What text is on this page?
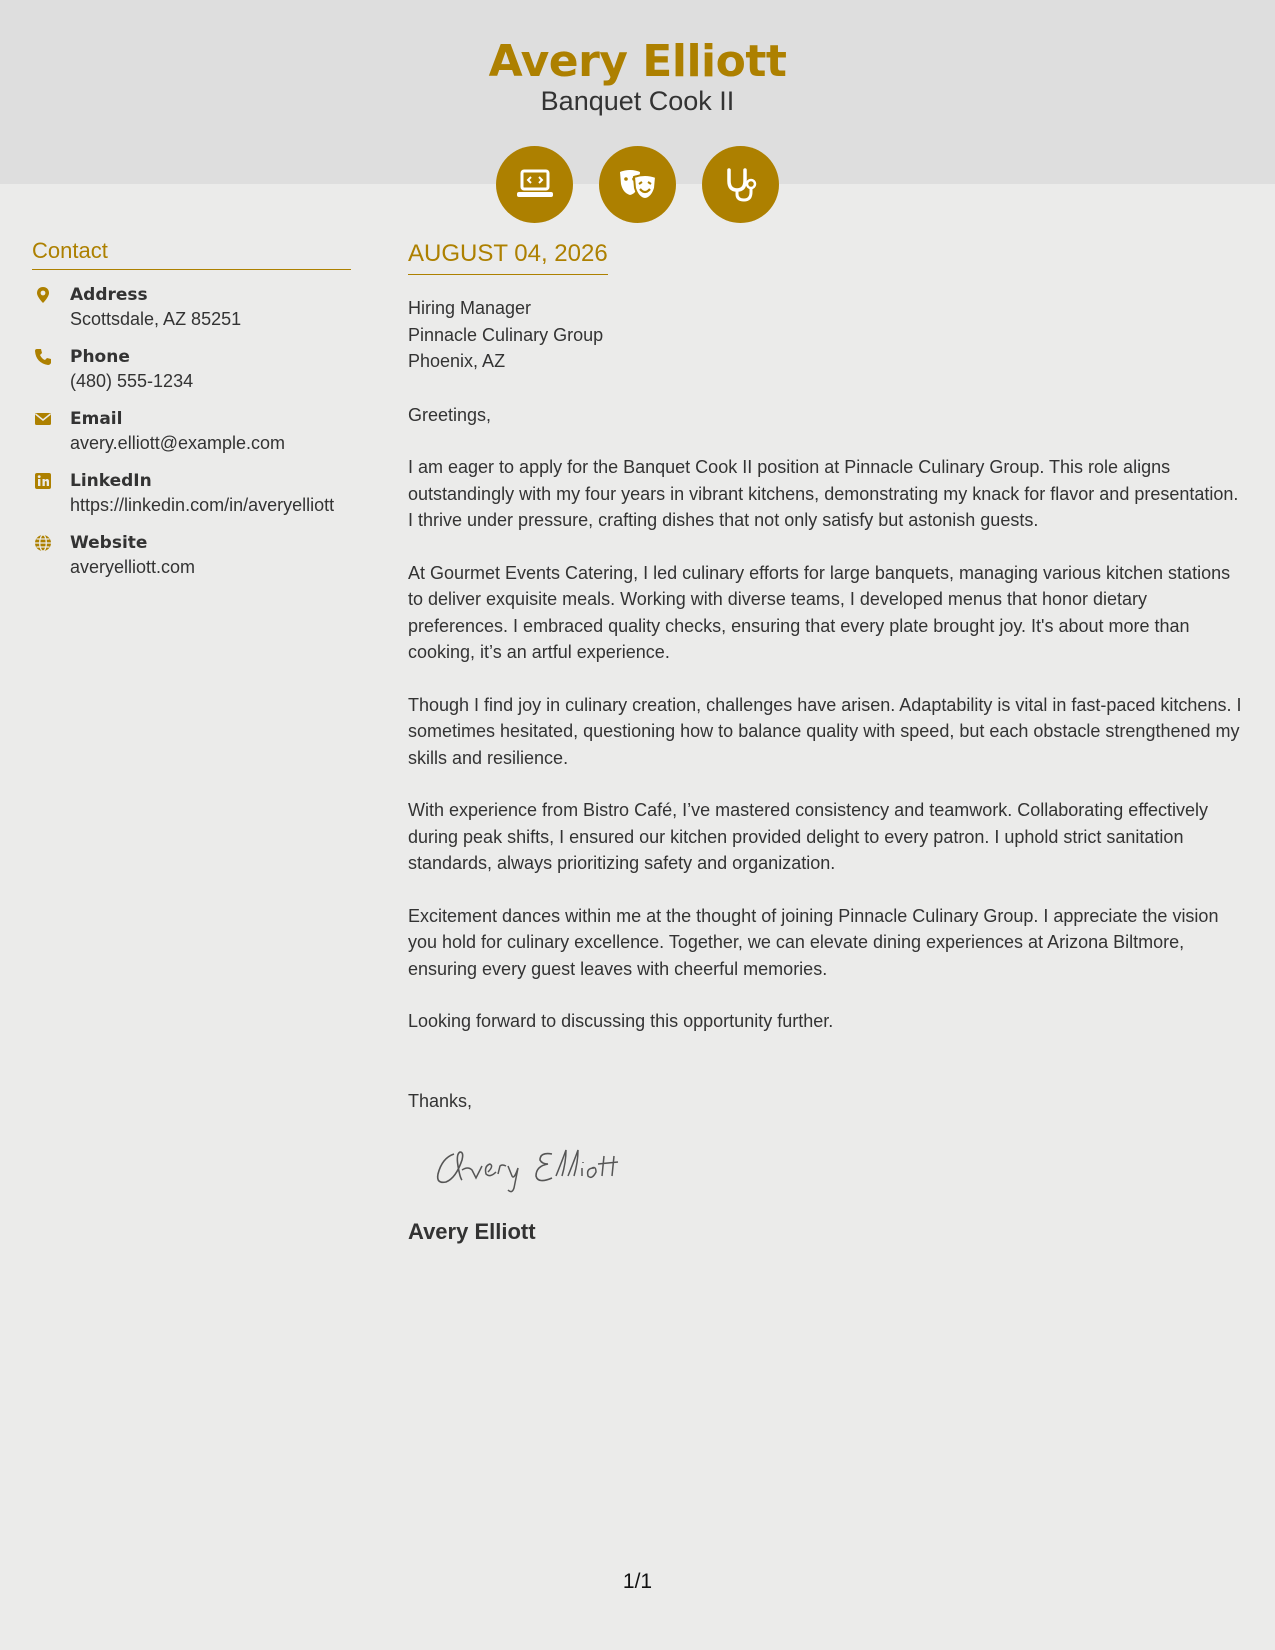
Avery Elliott
Banquet Cook II
Contact
Address
Scottsdale, AZ 85251
Phone
(480) 555-1234
Email
avery.elliott@example.com
LinkedIn
https://linkedin.com/in/averyelliott
Website
averyelliott.com
AUGUST 04, 2026
Hiring Manager
Pinnacle Culinary Group
Phoenix, AZ

Greetings,

I am eager to apply for the Banquet Cook II position at Pinnacle Culinary Group. This role aligns outstandingly with my four years in vibrant kitchens, demonstrating my knack for flavor and presentation. I thrive under pressure, crafting dishes that not only satisfy but astonish guests.

At Gourmet Events Catering, I led culinary efforts for large banquets, managing various kitchen stations to deliver exquisite meals. Working with diverse teams, I developed menus that honor dietary preferences. I embraced quality checks, ensuring that every plate brought joy. It's about more than cooking, it’s an artful experience.

Though I find joy in culinary creation, challenges have arisen. Adaptability is vital in fast-paced kitchens. I sometimes hesitated, questioning how to balance quality with speed, but each obstacle strengthened my skills and resilience.

With experience from Bistro Café, I’ve mastered consistency and teamwork. Collaborating effectively during peak shifts, I ensured our kitchen provided delight to every patron. I uphold strict sanitation standards, always prioritizing safety and organization.

Excitement dances within me at the thought of joining Pinnacle Culinary Group. I appreciate the vision you hold for culinary excellence. Together, we can elevate dining experiences at Arizona Biltmore, ensuring every guest leaves with cheerful memories.

Looking forward to discussing this opportunity further.

Thanks,

Avery Elliott
1/1
